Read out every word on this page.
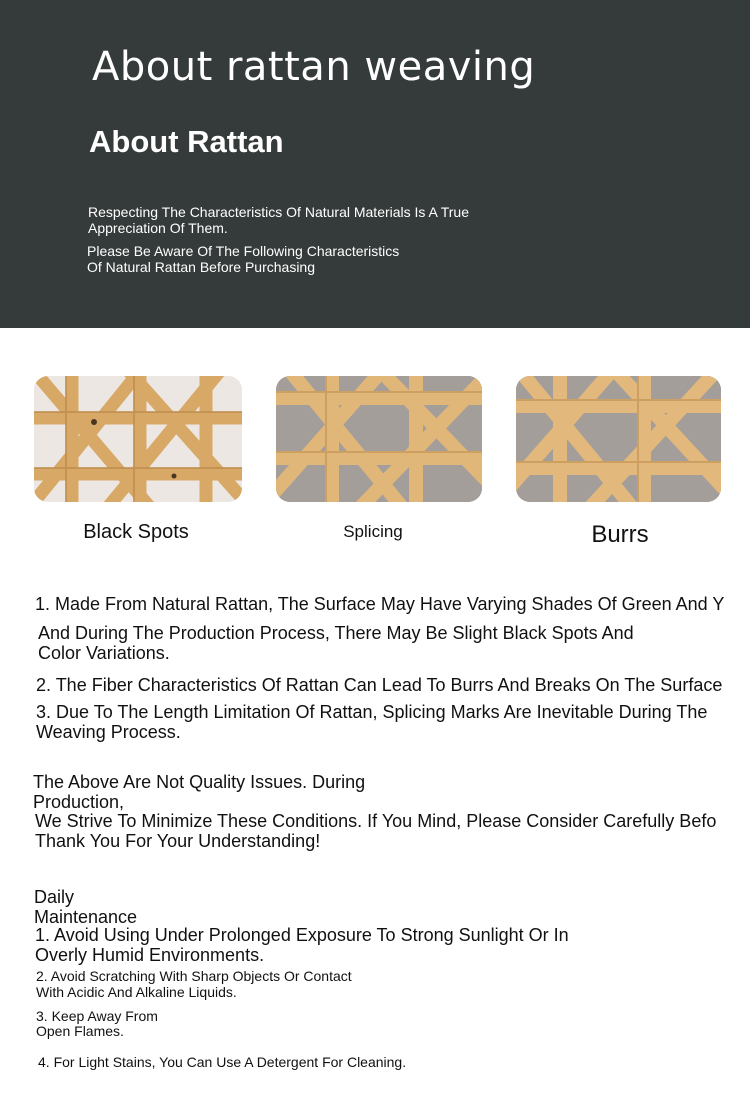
About rattan weaving
About Rattan
Respecting The Characteristics Of Natural Materials Is A True
Appreciation Of Them.
Please Be Aware Of The Following Characteristics
Of Natural Rattan Before Purchasing
Black Spots	Splicing	Burrs
1. Made From Natural Rattan, The Surface May Have Varying Shades Of Green And Y
And During The Production Process, There May Be Slight Black Spots And
Color Variations.
2. The Fiber Characteristics Of Rattan Can Lead To Burrs And Breaks On The Surface
3. Due To The Length Limitation Of Rattan, Splicing Marks Are Inevitable During The
Weaving Process.
The Above Are Not Quality Issues. During
Production,
We Strive To Minimize These Conditions. If You Mind, Please Consider Carefully Befo
Thank You For Your Understanding!
Daily
Maintenance
1. Avoid Using Under Prolonged Exposure To Strong Sunlight Or In
Overly Humid Environments.
2. Avoid Scratching With Sharp Objects Or Contact
With Acidic And Alkaline Liquids.
3. Keep Away From
Open Flames.
4. For Light Stains, You Can Use A Detergent For Cleaning.
